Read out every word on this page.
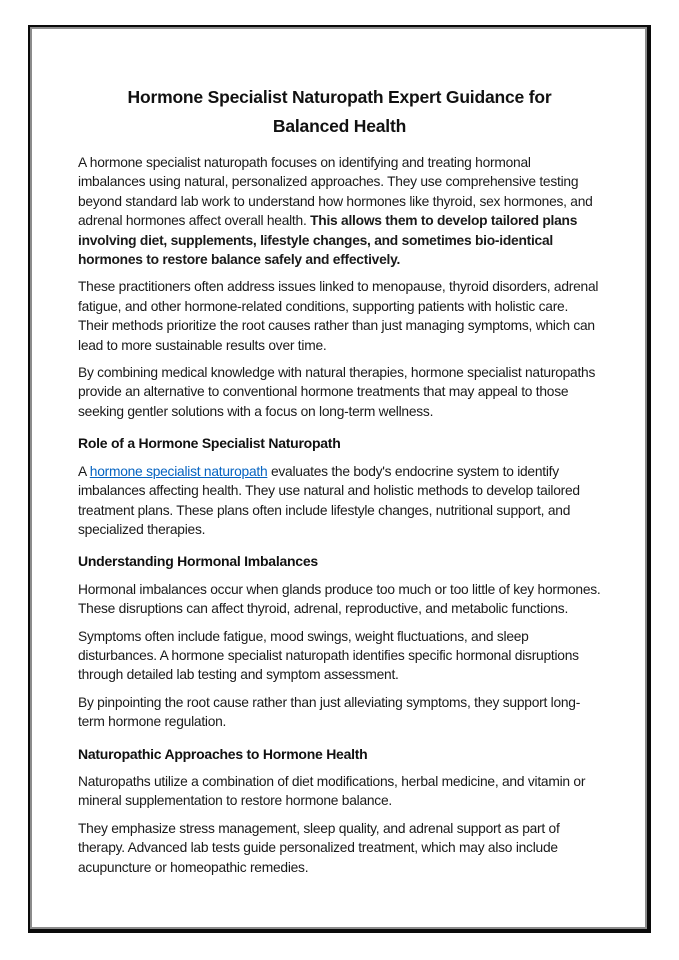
Hormone Specialist Naturopath Expert Guidance for Balanced Health

A hormone specialist naturopath focuses on identifying and treating hormonal imbalances using natural, personalized approaches. They use comprehensive testing beyond standard lab work to understand how hormones like thyroid, sex hormones, and adrenal hormones affect overall health. This allows them to develop tailored plans involving diet, supplements, lifestyle changes, and sometimes bio-identical hormones to restore balance safely and effectively.

These practitioners often address issues linked to menopause, thyroid disorders, adrenal fatigue, and other hormone-related conditions, supporting patients with holistic care. Their methods prioritize the root causes rather than just managing symptoms, which can lead to more sustainable results over time.

By combining medical knowledge with natural therapies, hormone specialist naturopaths provide an alternative to conventional hormone treatments that may appeal to those seeking gentler solutions with a focus on long-term wellness.

Role of a Hormone Specialist Naturopath

A hormone specialist naturopath evaluates the body's endocrine system to identify imbalances affecting health. They use natural and holistic methods to develop tailored treatment plans. These plans often include lifestyle changes, nutritional support, and specialized therapies.

Understanding Hormonal Imbalances

Hormonal imbalances occur when glands produce too much or too little of key hormones. These disruptions can affect thyroid, adrenal, reproductive, and metabolic functions.

Symptoms often include fatigue, mood swings, weight fluctuations, and sleep disturbances. A hormone specialist naturopath identifies specific hormonal disruptions through detailed lab testing and symptom assessment.

By pinpointing the root cause rather than just alleviating symptoms, they support long-term hormone regulation.

Naturopathic Approaches to Hormone Health

Naturopaths utilize a combination of diet modifications, herbal medicine, and vitamin or mineral supplementation to restore hormone balance.

They emphasize stress management, sleep quality, and adrenal support as part of therapy. Advanced lab tests guide personalized treatment, which may also include acupuncture or homeopathic remedies.
